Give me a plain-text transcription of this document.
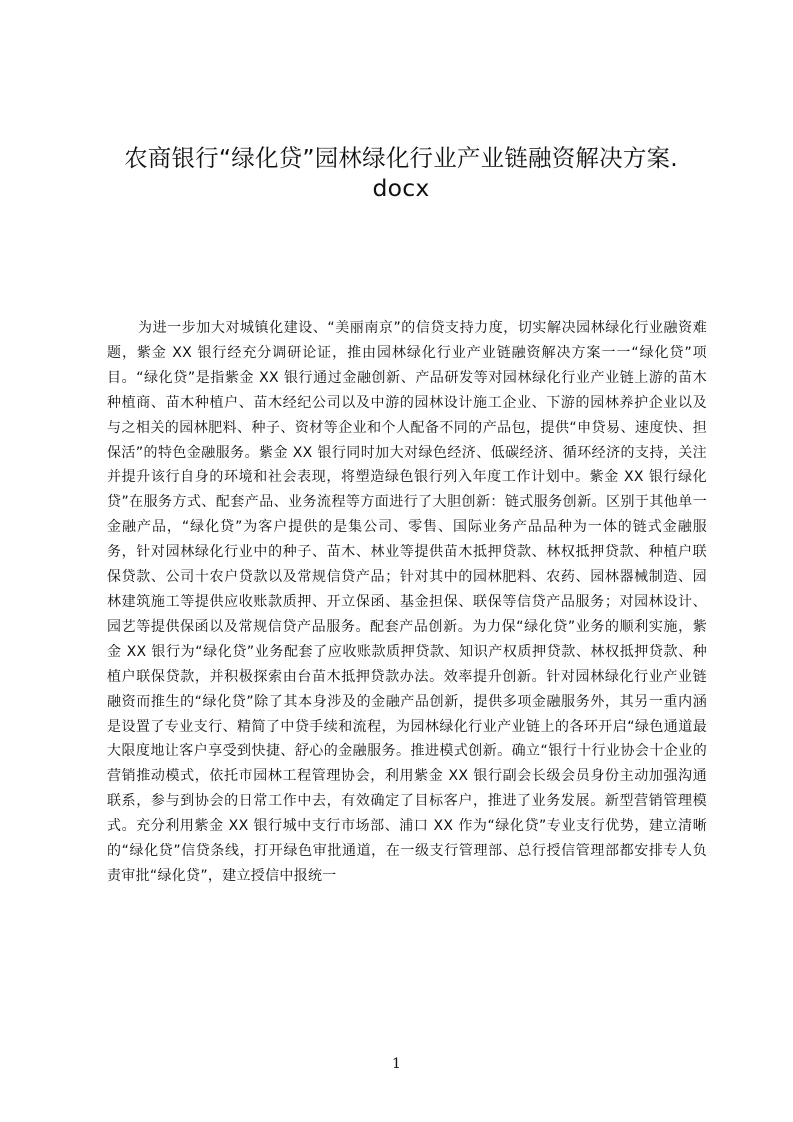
农商银行“绿化贷”园林绿化行业产业链融资解决方案.
docx

为进一步加大对城镇化建设、“美丽南京”的信贷支持力度，切实解决园林绿化行业融资难题，紫金 XX 银行经充分调研论证，推由园林绿化行业产业链融资解决方案一一“绿化贷”项目。“绿化贷”是指紫金 XX 银行通过金融创新、产品研发等对园林绿化行业产业链上游的苗木种植商、苗木种植户、苗木经纪公司以及中游的园林设计施工企业、下游的园林养护企业以及与之相关的园林肥料、种子、资材等企业和个人配备不同的产品包，提供“申贷易、速度快、担保活”的特色金融服务。紫金 XX 银行同时加大对绿色经济、低碳经济、循环经济的支持，关注并提升该行自身的环境和社会表现，将塑造绿色银行列入年度工作计划中。紫金 XX 银行绿化贷”在服务方式、配套产品、业务流程等方面进行了大胆创新：链式服务创新。区别于其他单一金融产品，“绿化贷”为客户提供的是集公司、零售、国际业务产品品种为一体的链式金融服务，针对园林绿化行业中的种子、苗木、林业等提供苗木抵押贷款、林权抵押贷款、种植户联保贷款、公司十农户贷款以及常规信贷产品；针对其中的园林肥料、农药、园林器械制造、园林建筑施工等提供应收账款质押、开立保函、基金担保、联保等信贷产品服务；对园林设计、园艺等提供保函以及常规信贷产品服务。配套产品创新。为力保“绿化贷”业务的顺利实施，紫金 XX 银行为“绿化贷”业务配套了应收账款质押贷款、知识产权质押贷款、林权抵押贷款、种植户联保贷款，并积极探索由台苗木抵押贷款办法。效率提升创新。针对园林绿化行业产业链融资而推生的“绿化贷”除了其本身涉及的金融产品创新，提供多项金融服务外，其另一重内涵是设置了专业支行、精简了中贷手续和流程，为园林绿化行业产业链上的各环开启“绿色通道最大限度地让客户享受到快捷、舒心的金融服务。推进模式创新。确立“银行十行业协会十企业的营销推动模式，依托市园林工程管理协会，利用紫金 XX 银行副会长级会员身份主动加强沟通联系，参与到协会的日常工作中去，有效确定了目标客户，推进了业务发展。新型营销管理模式。充分利用紫金 XX 银行城中支行市场部、浦口 XX 作为“绿化贷”专业支行优势，建立清晰的“绿化贷”信贷条线，打开绿色审批通道，在一级支行管理部、总行授信管理部都安排专人负责审批“绿化贷”，建立授信中报统一

1
